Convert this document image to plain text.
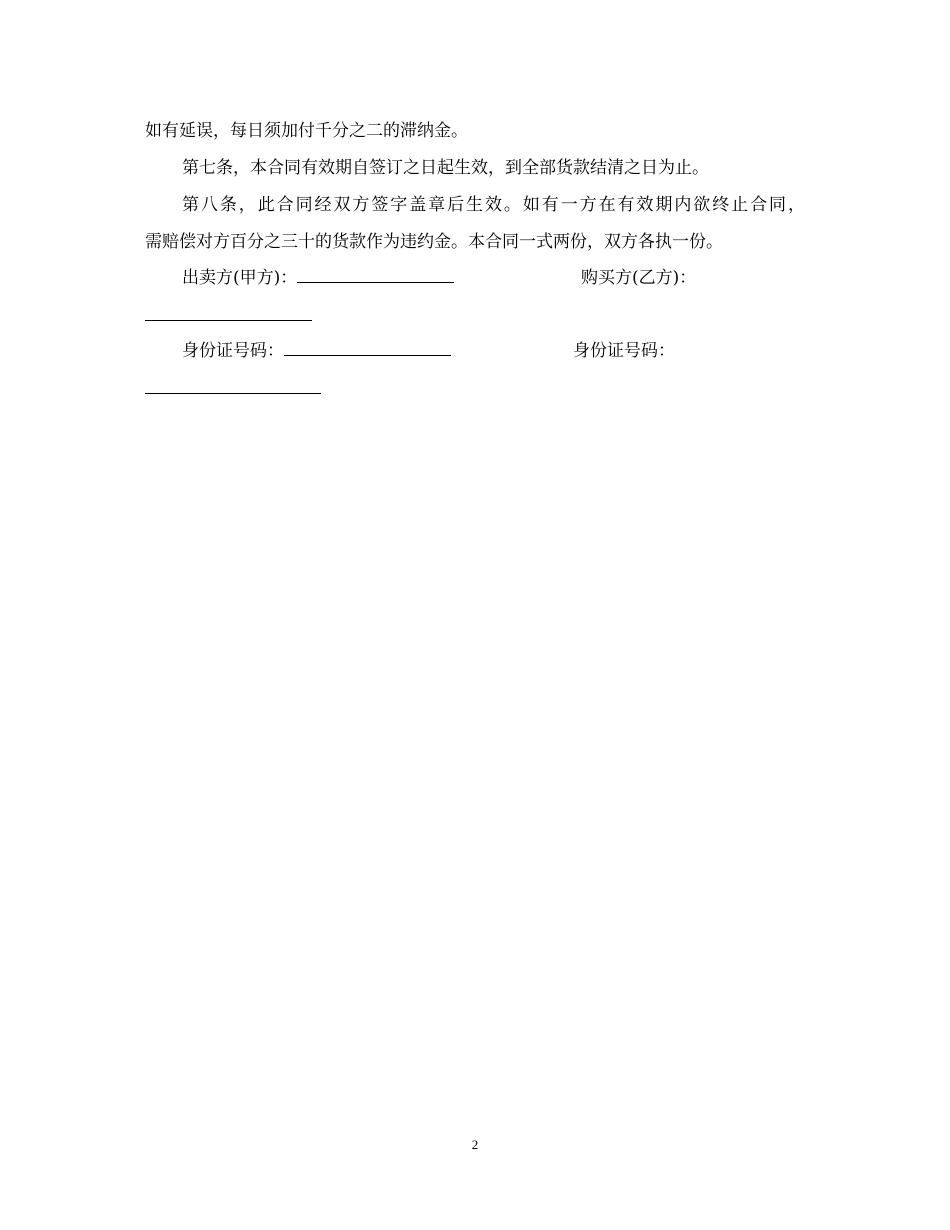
如有延误，每日须加付千分之二的滞纳金。
第七条，本合同有效期自签订之日起生效，到全部货款结清之日为止。
第八条，此合同经双方签字盖章后生效。如有一方在有效期内欲终止合同，
需赔偿对方百分之三十的货款作为违约金。本合同一式两份，双方各执一份。
出卖方(甲方)：	购买方(乙方)：
身份证号码：	身份证号码：
2
